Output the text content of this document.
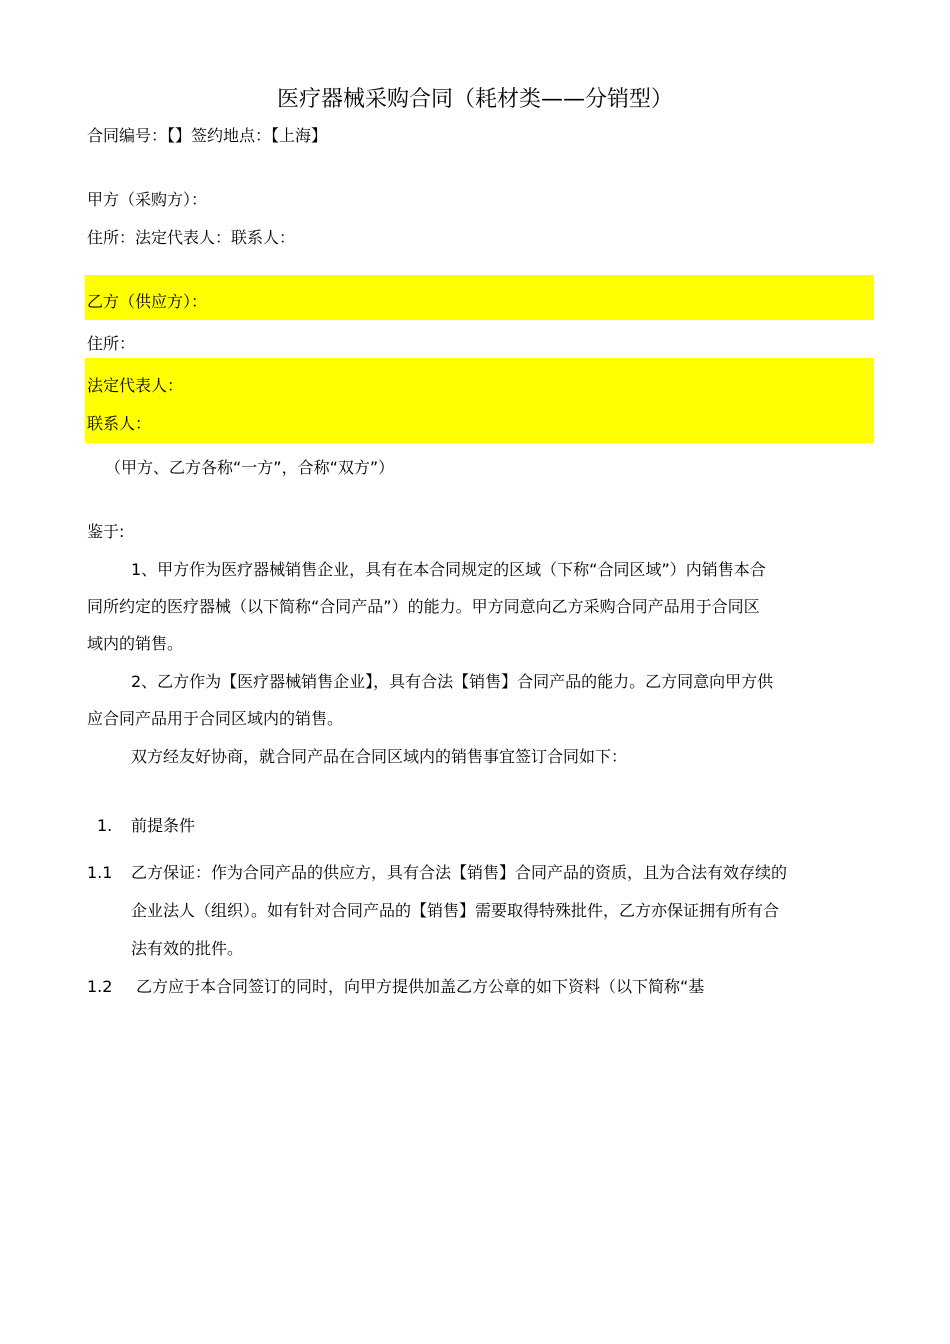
医疗器械采购合同（耗材类——分销型）
合同编号：【】签约地点：【上海】
甲方（采购方）：
住所：法定代表人：联系人：
乙方（供应方）：
住所：
法定代表人：
联系人：
（甲方、乙方各称“一方”，合称“双方”）
鉴于:
1、甲方作为医疗器械销售企业，具有在本合同规定的区域（下称“合同区域”）内销售本合
同所约定的医疗器械（以下简称“合同产品”）的能力。甲方同意向乙方采购合同产品用于合同区
域内的销售。
2、乙方作为【医疗器械销售企业】，具有合法【销售】合同产品的能力。乙方同意向甲方供
应合同产品用于合同区域内的销售。
双方经友好协商，就合同产品在合同区域内的销售事宜签订合同如下：
1. 前提条件
1.1 乙方保证：作为合同产品的供应方，具有合法【销售】合同产品的资质，且为合法有效存续的
企业法人（组织）。如有针对合同产品的【销售】需要取得特殊批件，乙方亦保证拥有所有合
法有效的批件。
1.2 乙方应于本合同签订的同时，向甲方提供加盖乙方公章的如下资料（以下简称“基
